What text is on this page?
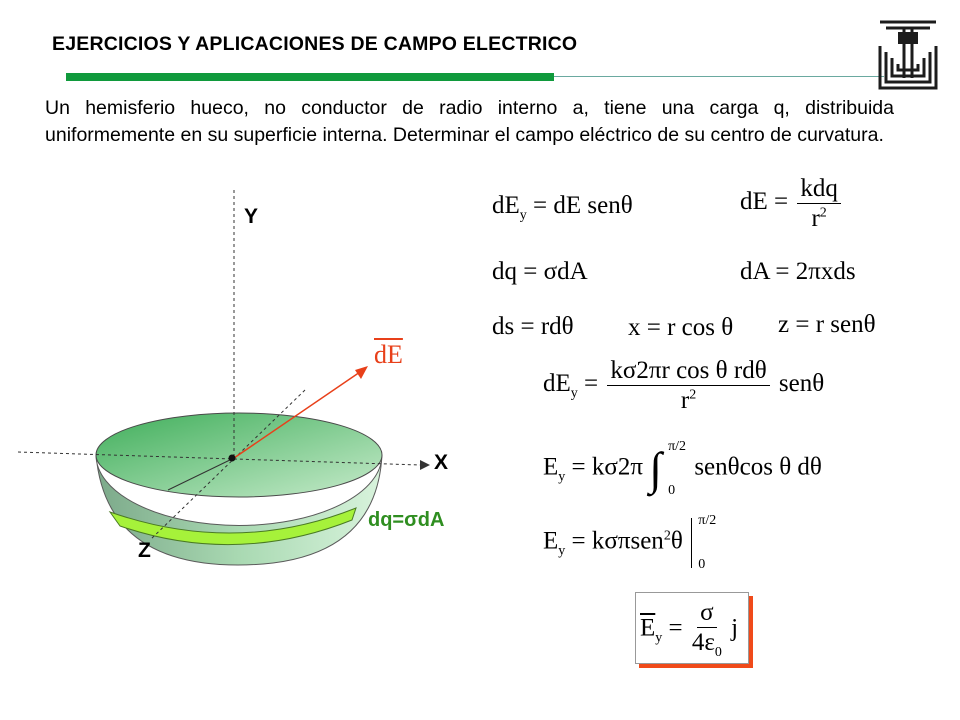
EJERCICIOS Y APLICACIONES DE CAMPO ELECTRICO
Un hemisferio hueco, no conductor de radio interno a, tiene una carga q, distribuida uniformemente en su superficie interna. Determinar el campo eléctrico de su centro de curvatura.
Y
X
Z
dq=σdA
$\overline{dE}$
$dE_y$ = dE senθ	dE = $\frac{\text{kdq}}{r^2}$
dq = σdA	dA = 2πxds
ds = rdθ x = r cos θ z = r senθ
$dE_y = \frac{\text{kσ2πr cos θ rdθ}}{r^2}$ senθ
$E_y = k\sigma 2\pi$ ∫ π/2
0
senθcos θ dθ
$E_y = k\sigma\pi sen^2\theta$
π/2
0
$\overline{E}_y = \frac{\sigma}{4\varepsilon_0}$ j
